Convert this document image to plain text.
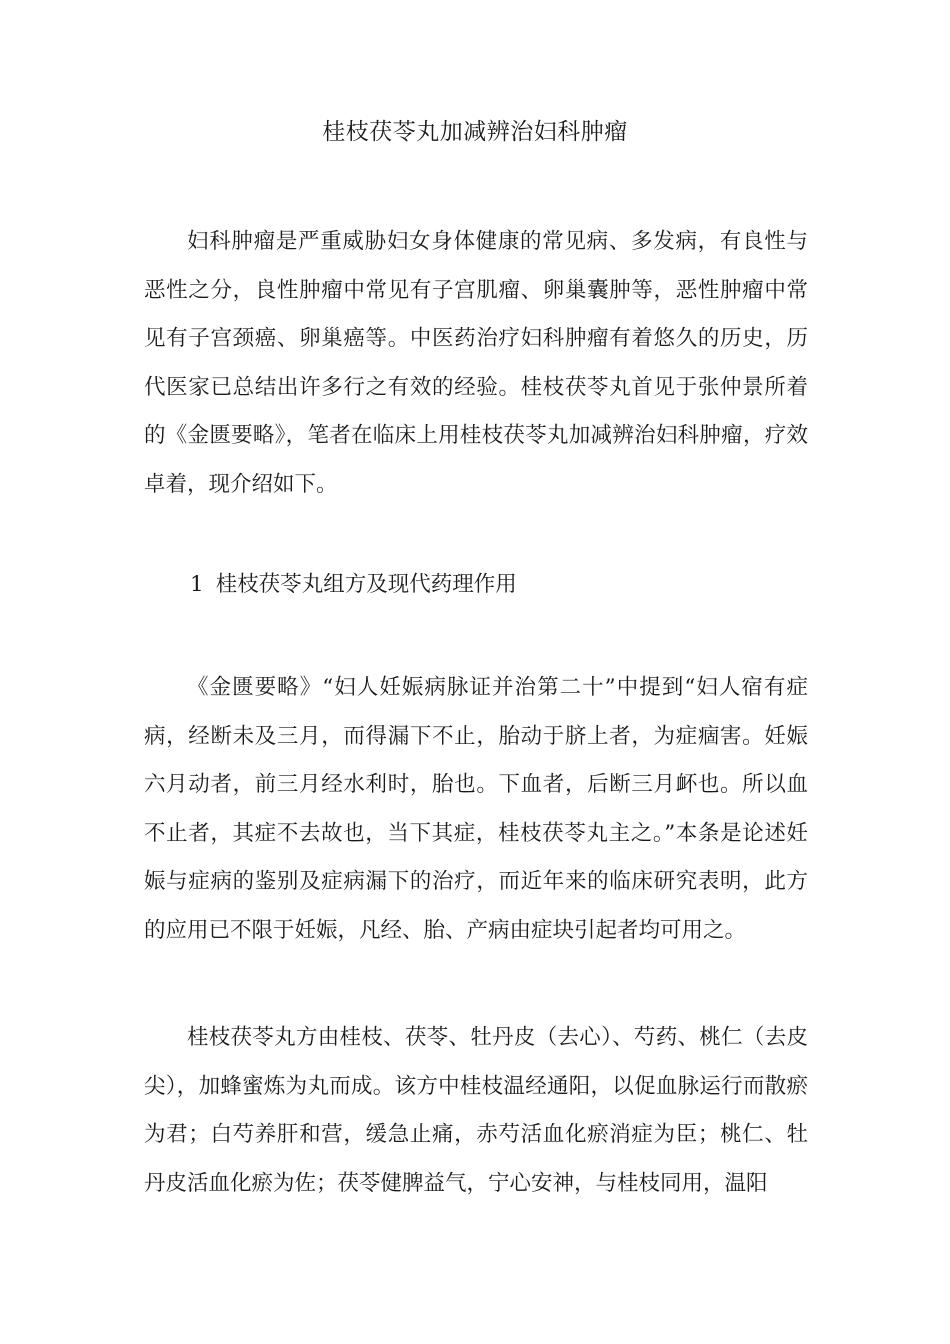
桂枝茯苓丸加减辨治妇科肿瘤

妇科肿瘤是严重威胁妇女身体健康的常见病、多发病，有良性与恶性之分，良性肿瘤中常见有子宫肌瘤、卵巢囊肿等，恶性肿瘤中常见有子宫颈癌、卵巢癌等。中医药治疗妇科肿瘤有着悠久的历史，历代医家已总结出许多行之有效的经验。桂枝茯苓丸首见于张仲景所着的《金匮要略》，笔者在临床上用桂枝茯苓丸加减辨治妇科肿瘤，疗效卓着，现介绍如下。

1 桂枝茯苓丸组方及现代药理作用

《金匮要略》“妇人妊娠病脉证并治第二十”中提到“妇人宿有症病，经断未及三月，而得漏下不止，胎动于脐上者，为症痼害。妊娠六月动者，前三月经水利时，胎也。下血者，后断三月衃也。所以血不止者，其症不去故也，当下其症，桂枝茯苓丸主之。”本条是论述妊娠与症病的鉴别及症病漏下的治疗，而近年来的临床研究表明，此方的应用已不限于妊娠，凡经、胎、产病由症块引起者均可用之。

桂枝茯苓丸方由桂枝、茯苓、牡丹皮（去心）、芍药、桃仁（去皮尖），加蜂蜜炼为丸而成。该方中桂枝温经通阳，以促血脉运行而散瘀为君；白芍养肝和营，缓急止痛，赤芍活血化瘀消症为臣；桃仁、牡丹皮活血化瘀为佐；茯苓健脾益气，宁心安神，与桂枝同用，温阳
